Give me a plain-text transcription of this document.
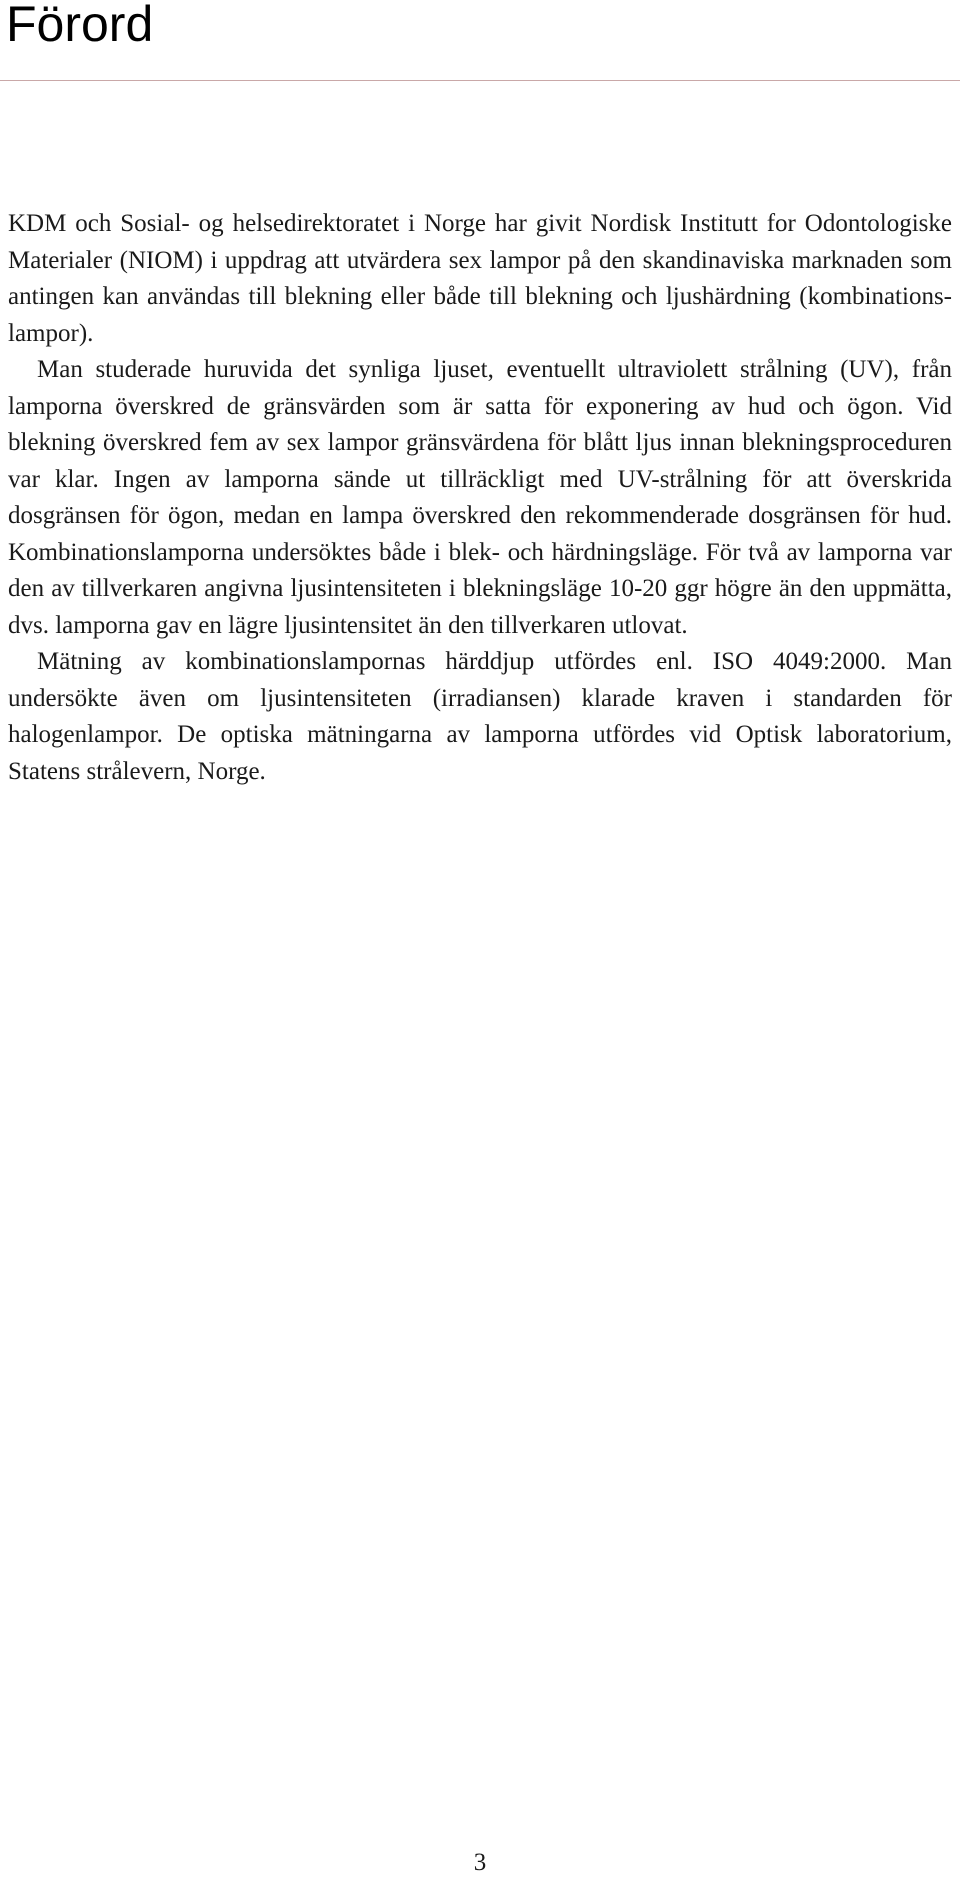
Förord

KDM och Sosial- og helsedirektoratet i Norge har givit Nordisk Institutt for Odontologiske Materialer (NIOM) i uppdrag att utvärdera sex lampor på den skandinaviska marknaden som antingen kan användas till blekning eller både till blekning och ljushärdning (kombinations-lampor).

Man studerade huruvida det synliga ljuset, eventuellt ultraviolett strålning (UV), från lamporna överskred de gränsvärden som är satta för exponering av hud och ögon. Vid blekning överskred fem av sex lampor gränsvärdena för blått ljus innan blekningsproceduren var klar. Ingen av lamporna sände ut tillräckligt med UV-strålning för att överskrida dosgränsen för ögon, medan en lampa överskred den rekommenderade dosgränsen för hud. Kombinationslamporna undersöktes både i blek- och härdningsläge. För två av lamporna var den av tillverkaren angivna ljusintensiteten i blekningsläge 10-20 ggr högre än den uppmätta, dvs. lamporna gav en lägre ljusintensitet än den tillverkaren utlovat.

Mätning av kombinationslampornas härddjup utfördes enl. ISO 4049:2000. Man undersökte även om ljusintensiteten (irradiansen) klarade kraven i standarden för halogenlampor. De optiska mätningarna av lamporna utfördes vid Optisk laboratorium, Statens strålevern, Norge.

3
